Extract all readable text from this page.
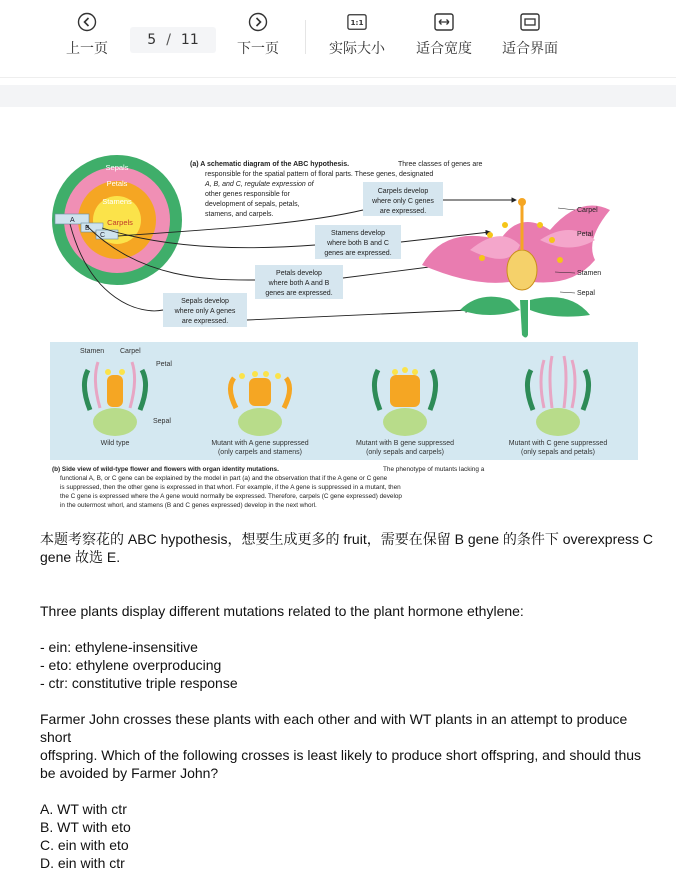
上一页
5 / 11
下一页
1:1
实际大小 适合宽度 适合界面
Sepals
Petals
Stamens
Carpels
A
B
C
(a) A schematic diagram of the ABC hypothesis.	Three classes of genes are
responsible for the spatial pattern of floral parts. These genes, designated
A, B, and C, regulate expression of
other genes responsible for
development of sepals, petals,
stamens, and carpels.
Carpels develop
where only C genes
are expressed.
Stamens develop
where both B and C
genes are expressed.
Petals develop
where both A and B
genes are expressed.
Sepals develop
where only A genes
are expressed.
Carpel
Petal
Stamen
Sepal
Stamen Carpel
Petal
Sepal
Wild type	Mutant with A gene suppressed
(only carpels and stamens)
Mutant with B gene suppressed
(only sepals and carpels)
Mutant with C gene suppressed
(only sepals and petals)
(b) Side view of wild-type flower and flowers with organ identity mutations.	The phenotype of mutants lacking a
functional A, B, or C gene can be explained by the model in part (a) and the observation that if the A gene or C gene
is suppressed, then the other gene is expressed in that whorl. For example, if the A gene is suppressed in a mutant, then
the C gene is expressed where the A gene would normally be expressed. Therefore, carpels (C gene expressed) develop
in the outermost whorl, and stamens (B and C genes expressed) develop in the next whorl.

本题考察花的 ABC hypothesis，想要生成更多的 fruit，需要在保留 B gene 的条件下 overexpress C

gene 故选 E.

Three plants display different mutations related to the plant hormone ethylene:

- ein: ethylene-insensitive

- eto: ethylene overproducing

- ctr: constitutive triple response

Farmer John crosses these plants with each other and with WT plants in an attempt to produce short

offspring. Which of the following crosses is least likely to produce short offspring, and should thus

be avoided by Farmer John?

A. WT with ctr

B. WT with eto

C. ein with eto

D. ein with ctr
